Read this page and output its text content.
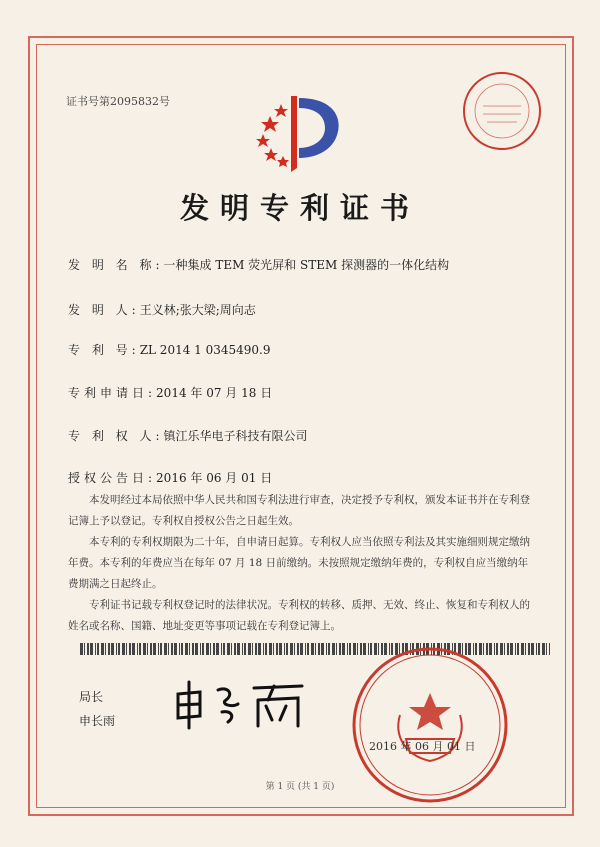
证书号第2095832号
发明专利证书
发 明 名 称:一种集成 TEM 荧光屏和 STEM 探测器的一体化结构
发 明 人:王义林;张大梁;周向志
专 利 号:ZL 2014 1 0345490.9
专利申请日:2014 年 07 月 18 日
专 利 权 人:镇江乐华电子科技有限公司
授权公告日:2016 年 06 月 01 日

本发明经过本局依照中华人民共和国专利法进行审查，决定授予专利权，颁发本证书并在专利登记簿上予以登记。专利权自授权公告之日起生效。

本专利的专利权期限为二十年，自申请日起算。专利权人应当依照专利法及其实施细则规定缴纳年费。本专利的年费应当在每年 07 月 18 日前缴纳。未按照规定缴纳年费的，专利权自应当缴纳年费期满之日起终止。

专利证书记载专利权登记时的法律状况。专利权的转移、质押、无效、终止、恢复和专利权人的姓名或名称、国籍、地址变更等事项记载在专利登记簿上。

局长
申长雨
2016 年 06 月 01 日
第 1 页 (共 1 页)
